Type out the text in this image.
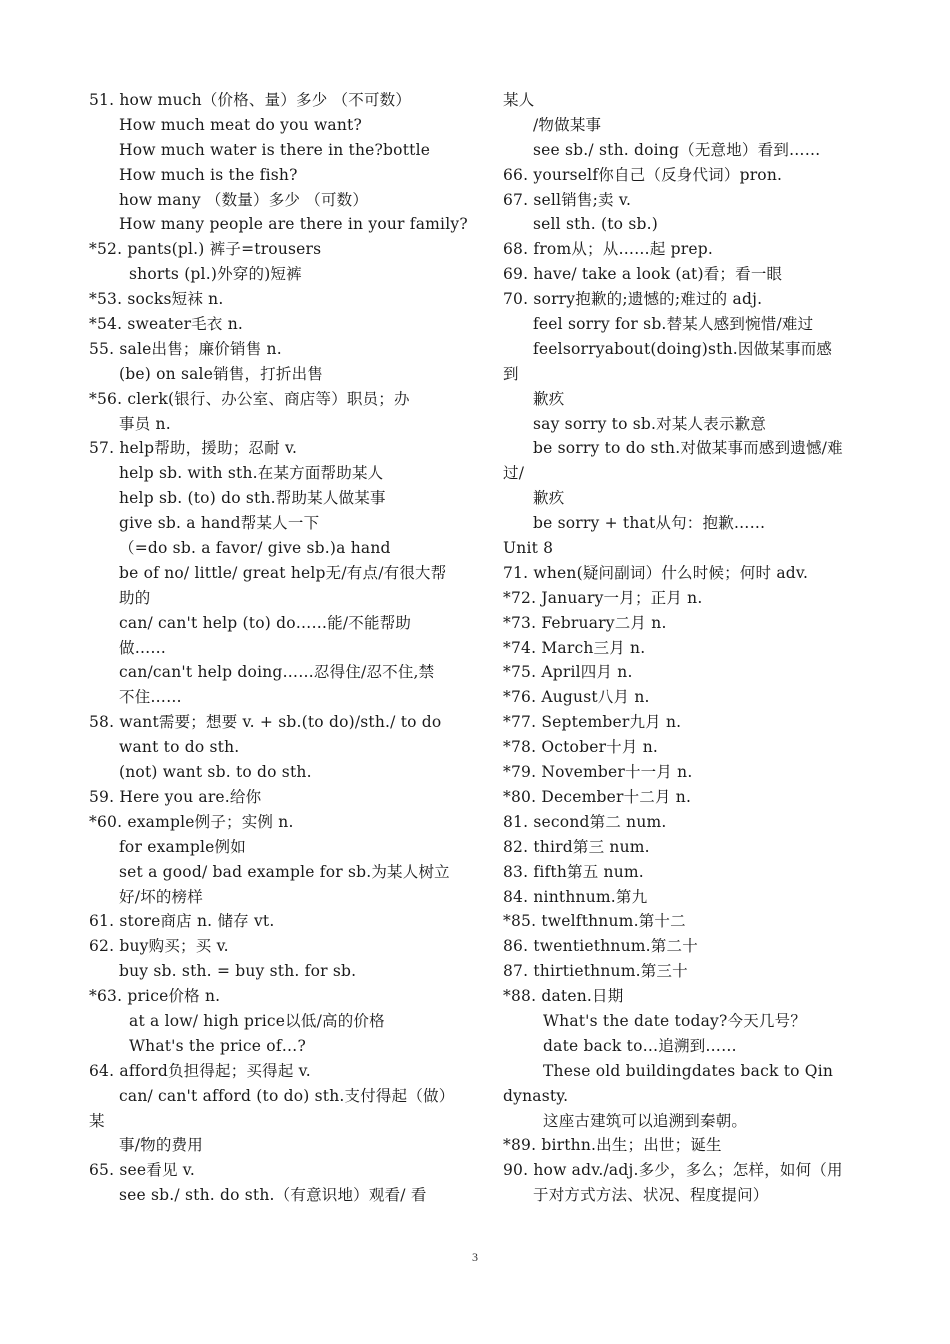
51. how much（价格、量）多少 （不可数）
How much meat do you want?
How much water is there in the?bottle
How much is the fish?
how many （数量）多少 （可数）
How many people are there in your family?
*52. pants(pl.) 裤子=trousers
shorts (pl.)外穿的)短裤
*53. socks短袜 n.
*54. sweater毛衣 n.
55. sale出售；廉价销售 n.
(be) on sale销售，打折出售
*56. clerk(银行、办公室、商店等）职员；办
事员 n.
57. help帮助，援助；忍耐 v.
help sb. with sth.在某方面帮助某人
help sb. (to) do sth.帮助某人做某事
give sb. a hand帮某人一下
（=do sb. a favor/ give sb.)a hand
be of no/ little/ great help无/有点/有很大帮
助的
can/ can't help (to) do……能/不能帮助
做……
can/can't help doing……忍得住/忍不住,禁
不住……
58. want需要；想要 v. + sb.(to do)/sth./ to do
want to do sth.
(not) want sb. to do sth.
59. Here you are.给你
*60. example例子；实例 n.
for example例如
set a good/ bad example for sb.为某人树立
好/坏的榜样
61. store商店 n. 储存 vt.
62. buy购买；买 v.
buy sb. sth. = buy sth. for sb.
*63. price价格 n.
at a low/ high price以低/高的价格
What's the price of…?
64. afford负担得起；买得起 v.
can/ can't afford (to do) sth.支付得起（做）
某
事/物的费用
65. see看见 v.
see sb./ sth. do sth.（有意识地）观看/ 看
某人
/物做某事
see sb./ sth. doing（无意地）看到……
66. yourself你自己（反身代词）pron.
67. sell销售;卖 v.
sell sth. (to sb.)
68. from从；从……起 prep.
69. have/ take a look (at)看；看一眼
70. sorry抱歉的;遗憾的;难过的 adj.
feel sorry for sb.替某人感到惋惜/难过
feelsorryabout(doing)sth.因做某事而感
到
歉疚
say sorry to sb.对某人表示歉意
be sorry to do sth.对做某事而感到遗憾/难
过/
歉疚
be sorry + that从句：抱歉……
Unit 8
71. when(疑问副词）什么时候；何时 adv.
*72. January一月；正月 n.
*73. February二月 n.
*74. March三月 n.
*75. April四月 n.
*76. August八月 n.
*77. September九月 n.
*78. October十月 n.
*79. November十一月 n.
*80. December十二月 n.
81. second第二 num.
82. third第三 num.
83. fifth第五 num.
84. ninthnum.第九
*85. twelfthnum.第十二
86. twentiethnum.第二十
87. thirtiethnum.第三十
*88. daten.日期
What's the date today?今天几号？
date back to…追溯到……
These old buildingdates back to Qin
dynasty.
这座古建筑可以追溯到秦朝。
*89. birthn.出生；出世；诞生
90. how adv./adj.多少，多么；怎样，如何（用
于对方式方法、状况、程度提问）
3
